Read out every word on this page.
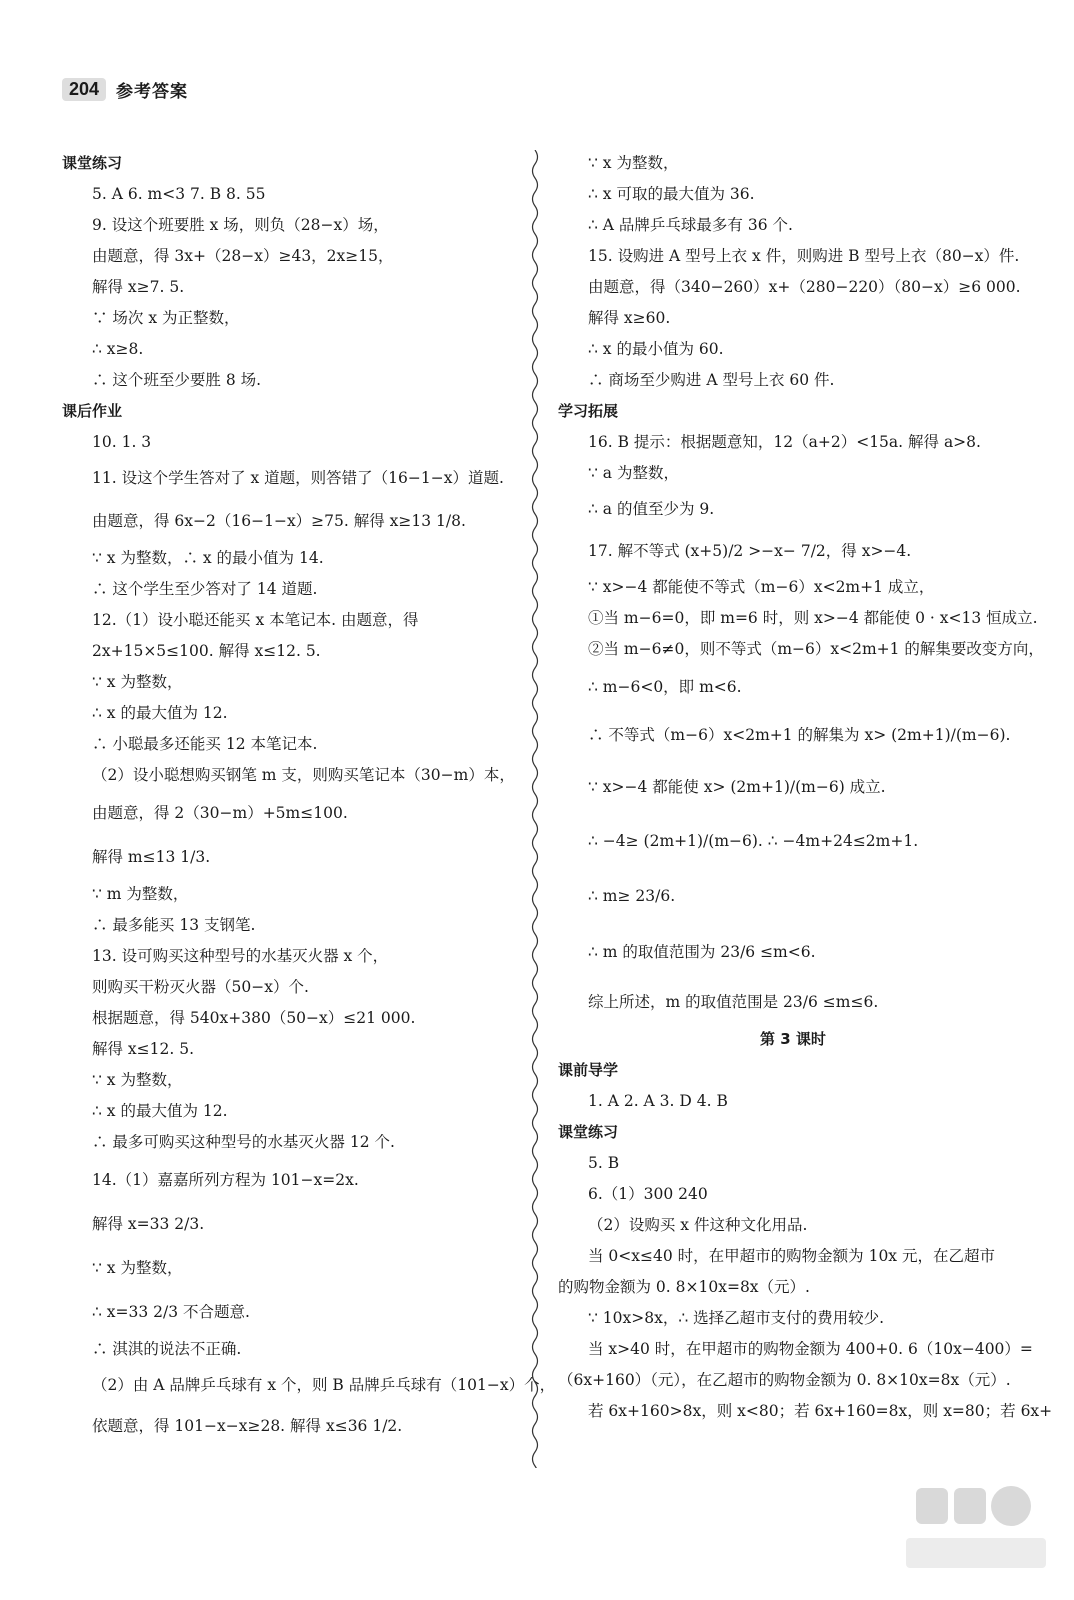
204	参考答案
课堂练习
5. A 6. m<3 7. B 8. 55
9. 设这个班要胜 x 场，则负（28−x）场，
由题意，得 3x+（28−x）≥43，2x≥15，
解得 x≥7. 5.
∵ 场次 x 为正整数，
∴ x≥8.
∴ 这个班至少要胜 8 场.
课后作业
10. 1. 3
11. 设这个学生答对了 x 道题，则答错了（16−1−x）道题.
由题意，得 6x−2（16−1−x）≥75. 解得 x≥13 1/8.
∵ x 为整数，∴ x 的最小值为 14.
∴ 这个学生至少答对了 14 道题.
12.（1）设小聪还能买 x 本笔记本. 由题意，得
2x+15×5≤100. 解得 x≤12. 5.
∵ x 为整数，
∴ x 的最大值为 12.
∴ 小聪最多还能买 12 本笔记本.
（2）设小聪想购买钢笔 m 支，则购买笔记本（30−m）本，
由题意，得 2（30−m）+5m≤100.
解得 m≤13 1/3.
∵ m 为整数，
∴ 最多能买 13 支钢笔.
13. 设可购买这种型号的水基灭火器 x 个，
则购买干粉灭火器（50−x）个.
根据题意，得 540x+380（50−x）≤21 000.
解得 x≤12. 5.
∵ x 为整数，
∴ x 的最大值为 12.
∴ 最多可购买这种型号的水基灭火器 12 个.
14.（1）嘉嘉所列方程为 101−x=2x.
解得 x=33 2/3.
∵ x 为整数，
∴ x=33 2/3 不合题意.
∴ 淇淇的说法不正确.
（2）由 A 品牌乒乓球有 x 个，则 B 品牌乒乓球有（101−x）个，
依题意，得 101−x−x≥28. 解得 x≤36 1/2.
∵ x 为整数，
∴ x 可取的最大值为 36.
∴ A 品牌乒乓球最多有 36 个.
15. 设购进 A 型号上衣 x 件，则购进 B 型号上衣（80−x）件.
由题意，得（340−260）x+（280−220）（80−x）≥6 000.
解得 x≥60.
∴ x 的最小值为 60.
∴ 商场至少购进 A 型号上衣 60 件.
学习拓展
16. B 提示：根据题意知，12（a+2）<15a. 解得 a>8.
∵ a 为整数，
∴ a 的值至少为 9.
17. 解不等式 (x+5)/2 >−x− 7/2，得 x>−4.
∵ x>−4 都能使不等式（m−6）x<2m+1 成立，
①当 m−6=0，即 m=6 时，则 x>−4 都能使 0 · x<13 恒成立.
②当 m−6≠0，则不等式（m−6）x<2m+1 的解集要改变方向，
∴ m−6<0，即 m<6.
∴ 不等式（m−6）x<2m+1 的解集为 x> (2m+1)/(m−6).
∵ x>−4 都能使 x> (2m+1)/(m−6) 成立.
∴ −4≥ (2m+1)/(m−6). ∴ −4m+24≤2m+1.
∴ m≥ 23/6.
∴ m 的取值范围为 23/6 ≤m<6.
综上所述，m 的取值范围是 23/6 ≤m≤6.
第 3 课时
课前导学
1. A 2. A 3. D 4. B
课堂练习
5. B
6.（1）300 240
（2）设购买 x 件这种文化用品.
当 0<x≤40 时，在甲超市的购物金额为 10x 元，在乙超市
的购物金额为 0. 8×10x=8x（元）.
∵ 10x>8x，∴ 选择乙超市支付的费用较少.
当 x>40 时，在甲超市的购物金额为 400+0. 6（10x−400）=
（6x+160）（元），在乙超市的购物金额为 0. 8×10x=8x（元）.
若 6x+160>8x，则 x<80；若 6x+160=8x，则 x=80；若 6x+
